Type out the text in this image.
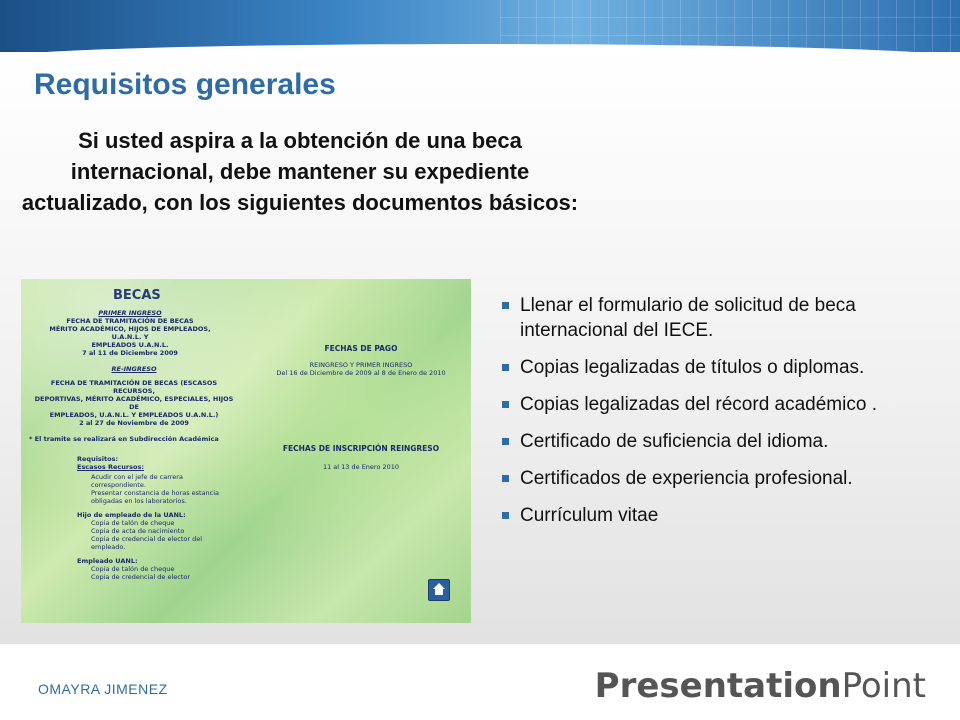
Requisitos generales

Si usted aspira a la obtención de una beca internacional, debe mantener su expediente actualizado, con los siguientes documentos básicos:

BECAS

PRIMER INGRESO

FECHA DE TRAMITACIÓN DE BECAS

MÉRITO ACADÉMICO, HIJOS DE EMPLEADOS, U.A.N.L. Y

EMPLEADOS U.A.N.L.

7 al 11 de Diciembre 2009

RE-INGRESO

FECHA DE TRAMITACIÓN DE BECAS (ESCASOS RECURSOS,

DEPORTIVAS, MÉRITO ACADÉMICO, ESPECIALES, HIJOS DE

EMPLEADOS, U.A.N.L. Y EMPLEADOS U.A.N.L.)

2 al 27 de Noviembre de 2009

* El tramite se realizará en Subdirección Académica

Requisitos:

Escasos Recursos:

Acudir con el jefe de carrera

correspondiente.

Presentar constancia de horas estancia

obligadas en los laboratorios.

Hijo de empleado de la UANL:

Copia de talón de cheque

Copia de acta de nacimiento

Copia de credencial de elector del

empleado.

Empleado UANL:

Copia de talón de cheque

Copia de credencial de elector

FECHAS DE PAGO

REINGRESO Y PRIMER INGRESO

Del 16 de Diciembre de 2009 al 8 de Enero de 2010

FECHAS DE INSCRIPCIÓN REINGRESO

11 al 13 de Enero 2010

Llenar el formulario de solicitud de beca internacional del IECE.
Copias legalizadas de títulos o diplomas.
Copias legalizadas del récord académico .
Certificado de suficiencia del idioma.
Certificados de experiencia profesional.
Currículum vitae
OMAYRA JIMENEZ	PresentationPoint
